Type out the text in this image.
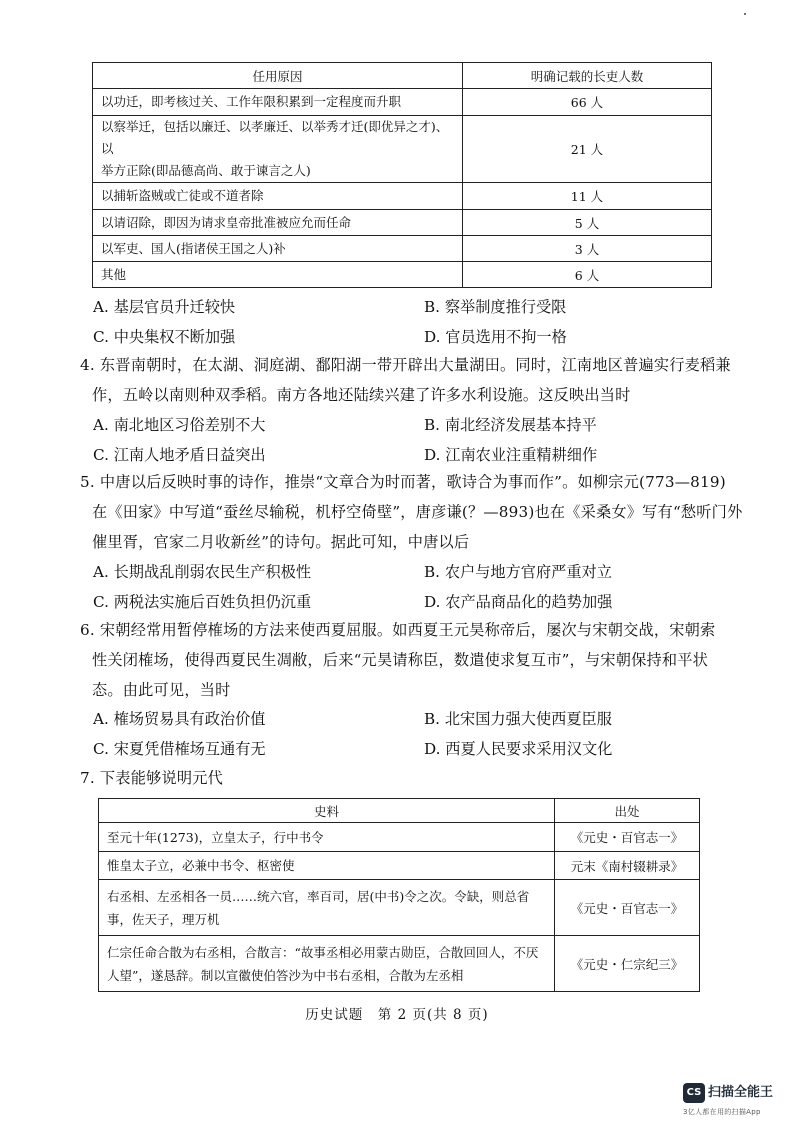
任用原因	明确记载的长吏人数
以功迁，即考核过关、工作年限积累到一定程度而升职	66 人
以察举迁，包括以廉迁、以孝廉迁、以举秀才迁(即优异之才)、以
举方正除(即品德高尚、敢于谏言之人)	21 人
以捕斩盗贼或亡徒或不道者除	11 人
以请诏除，即因为请求皇帝批准被应允而任命	5 人
以军吏、国人(指诸侯王国之人)补	3 人
其他	6 人
A. 基层官员升迁较快	B. 察举制度推行受限
C. 中央集权不断加强	D. 官员选用不拘一格
4. 东晋南朝时，在太湖、洞庭湖、鄱阳湖一带开辟出大量湖田。同时，江南地区普遍实行麦稻兼
作，五岭以南则种双季稻。南方各地还陆续兴建了许多水利设施。这反映出当时
A. 南北地区习俗差别不大	B. 南北经济发展基本持平
C. 江南人地矛盾日益突出	D. 江南农业注重精耕细作
5. 中唐以后反映时事的诗作，推崇“文章合为时而著，歌诗合为事而作”。如柳宗元(773—819)
在《田家》中写道“蚕丝尽输税，机杼空倚壁”，唐彦谦(？—893)也在《采桑女》写有“愁听门外
催里胥，官家二月收新丝”的诗句。据此可知，中唐以后
A. 长期战乱削弱农民生产积极性	B. 农户与地方官府严重对立
C. 两税法实施后百姓负担仍沉重	D. 农产品商品化的趋势加强
6. 宋朝经常用暂停榷场的方法来使西夏屈服。如西夏王元昊称帝后，屡次与宋朝交战，宋朝索
性关闭榷场，使得西夏民生凋敝，后来“元昊请称臣，数遣使求复互市”，与宋朝保持和平状
态。由此可见，当时
A. 榷场贸易具有政治价值	B. 北宋国力强大使西夏臣服
C. 宋夏凭借榷场互通有无	D. 西夏人民要求采用汉文化
7. 下表能够说明元代
史料	出处
至元十年(1273)，立皇太子，行中书令	《元史・百官志一》
惟皇太子立，必兼中书令、枢密使	元末《南村辍耕录》
右丞相、左丞相各一员……统六官，率百司，居(中书)令之次。令缺，则总省
事，佐天子，理万机	《元史・百官志一》
仁宗任命合散为右丞相，合散言：“故事丞相必用蒙古勋臣，合散回回人，不厌
人望”，遂恳辞。制以宣徽使伯答沙为中书右丞相，合散为左丞相	《元史・仁宗纪三》
历史试题　第 2 页(共 8 页)
CS 扫描全能王
3亿人都在用的扫描App
